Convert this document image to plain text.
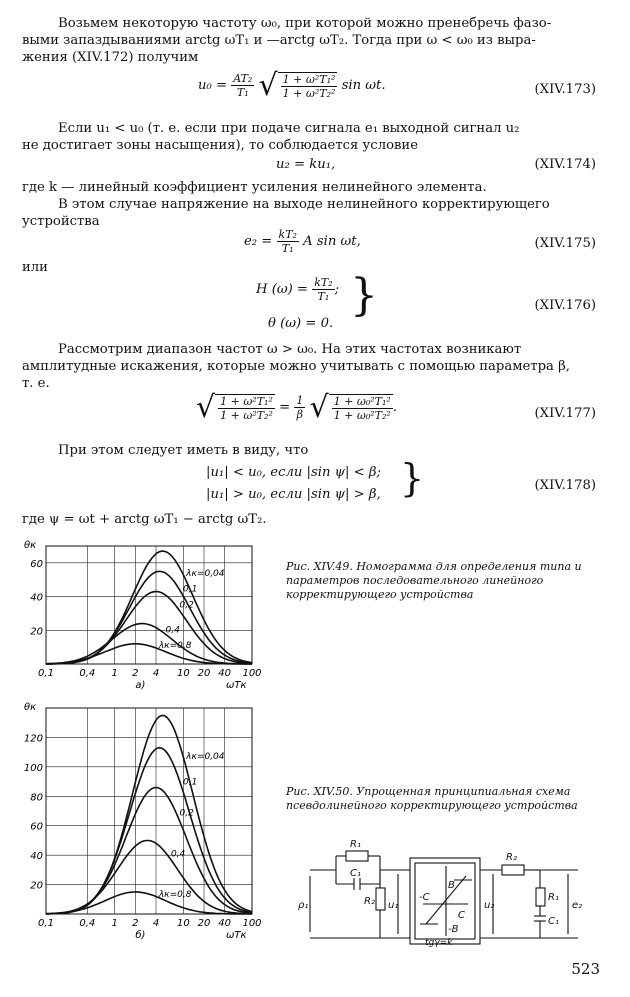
Возьмем некоторую частоту ω₀, при которой можно пренебречь фазо-
выми запаздываниями arctg ωT₁ и —arctg ωT₂. Тогда при ω < ω₀ из выра-
жения (XIV.172) получим
$u_0 = \frac{\text{AT₂}}{\text{T₁}}$ √ $\frac{\text{1 + ω²T₁²}}{\text{1 + ω²T₂²}}$ sin ωt.	(XIV.173)
Если u₁ < u₀ (т. е. если при подаче сигнала e₁ выходной сигнал u₂
не достигает зоны насыщения), то соблюдается условие
u₂ = ku₁,	(XIV.174)
где k — линейный коэффициент усиления нелинейного элемента.
В этом случае напряжение на выходе нелинейного корректирующего
устройства
$e_2 = \frac{\text{kT₂}}{\text{T₁}}$ A sin ωt,	(XIV.175)
или
H $(\omega) = \frac{\text{kT₂}}{\text{T₁}}$ ;
θ (ω) = 0.
}	(XIV.176)
Рассмотрим диапазон частот ω > ω₀. На этих частотах возникают
амплитудные искажения, которые можно учитывать с помощью параметра β,
т. е.
√ $\frac{\text{1 + ω²T₁²}}{\text{1 + ω²T₂²}} = \frac{1}{\beta}$ √ $\frac{\text{1 + ω₀²T₁²}}{\text{1 + ω₀²T₂²}}$ .	(XIV.177)
При этом следует иметь в виду, что
|u₁| < u₀, если |sin ψ| < β;
|u₁| > u₀, если |sin ψ| > β, }	(XIV.178)
где ψ = ωt + arctg ωT₁ − arctg ωT₂.
0,1	0,4 1 2 4 10 20 40 100
20
40
60
θк
ωTк
а)
λк=0,04
0,1
0,2
0,4
λк=0,8
0,1	0,4 1 2 4 10 20 40 100
20
40
60
80
100
120
θк
ωTк
б)
λк=0,04
0,1
0,2
0,4
λк=0,8
Рис. XIV.49. Номограмма для определения типа и параметров последовательного линейного корректирующего устройства
Рис. XIV.50. Упрощенная принципиальная схема псевдолинейного корректирующего устройства
R₁
C₁
R₂
ρ₁	u₁
B
-C
C
-B
tgγ=k
u₂
R₂
R₁
C₁
e₂
523
